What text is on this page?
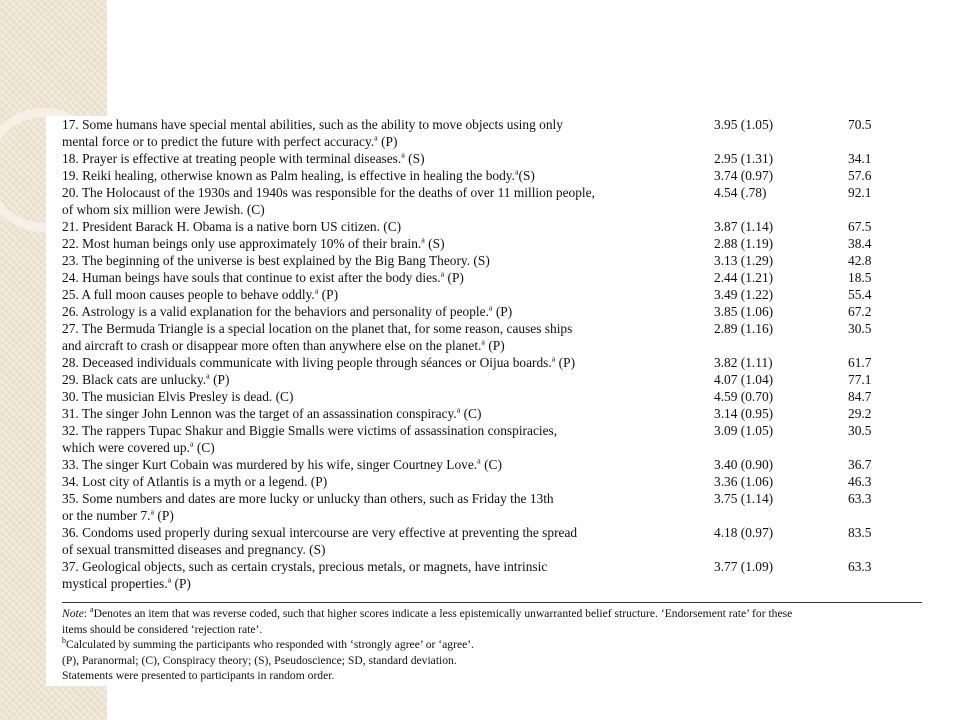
17. Some humans have special mental abilities, such as the ability to move objects using only
mental force or to predict the future with perfect accuracy.$^a$ (P)
3.95 (1.05)	70.5
18. Prayer is effective at treating people with terminal diseases.$^a$ (S)	2.95 (1.31)	34.1
19. Reiki healing, otherwise known as Palm healing, is effective in healing the body.$^a$(S)	3.74 (0.97)	57.6
20. The Holocaust of the 1930s and 1940s was responsible for the deaths of over 11 million people,
of whom six million were Jewish. (C)
4.54 (.78)	92.1
21. President Barack H. Obama is a native born US citizen. (C)	3.87 (1.14)	67.5
22. Most human beings only use approximately 10% of their brain.$^a$ (S)	2.88 (1.19)	38.4
23. The beginning of the universe is best explained by the Big Bang Theory. (S)	3.13 (1.29)	42.8
24. Human beings have souls that continue to exist after the body dies.$^a$ (P)	2.44 (1.21)	18.5
25. A full moon causes people to behave oddly.$^a$ (P)	3.49 (1.22)	55.4
26. Astrology is a valid explanation for the behaviors and personality of people.$^a$ (P)	3.85 (1.06)	67.2
27. The Bermuda Triangle is a special location on the planet that, for some reason, causes ships
and aircraft to crash or disappear more often than anywhere else on the planet.$^a$ (P)
2.89 (1.16)	30.5
28. Deceased individuals communicate with living people through séances or Oijua boards.$^a$ (P)	3.82 (1.11)	61.7
29. Black cats are unlucky.$^a$ (P)	4.07 (1.04)	77.1
30. The musician Elvis Presley is dead. (C)	4.59 (0.70)	84.7
31. The singer John Lennon was the target of an assassination conspiracy.$^a$ (C)	3.14 (0.95)	29.2
32. The rappers Tupac Shakur and Biggie Smalls were victims of assassination conspiracies,
which were covered up.$^a$ (C)
3.09 (1.05)	30.5
33. The singer Kurt Cobain was murdered by his wife, singer Courtney Love.$^a$ (C)	3.40 (0.90)	36.7
34. Lost city of Atlantis is a myth or a legend. (P)	3.36 (1.06)	46.3
35. Some numbers and dates are more lucky or unlucky than others, such as Friday the 13th
or the number 7.$^a$ (P)
3.75 (1.14)	63.3
36. Condoms used properly during sexual intercourse are very effective at preventing the spread
of sexual transmitted diseases and pregnancy. (S)
4.18 (0.97)	83.5
37. Geological objects, such as certain crystals, precious metals, or magnets, have intrinsic
mystical properties.$^a$ (P)
3.77 (1.09)	63.3
Note: $^a$Denotes an item that was reverse coded, such that higher scores indicate a less epistemically unwarranted belief structure. ‘Endorsement rate’ for these
items should be considered ‘rejection rate’.
$^b$Calculated by summing the participants who responded with ‘strongly agree’ or ‘agree’.
(P), Paranormal; (C), Conspiracy theory; (S), Pseudoscience; SD, standard deviation.
Statements were presented to participants in random order.
